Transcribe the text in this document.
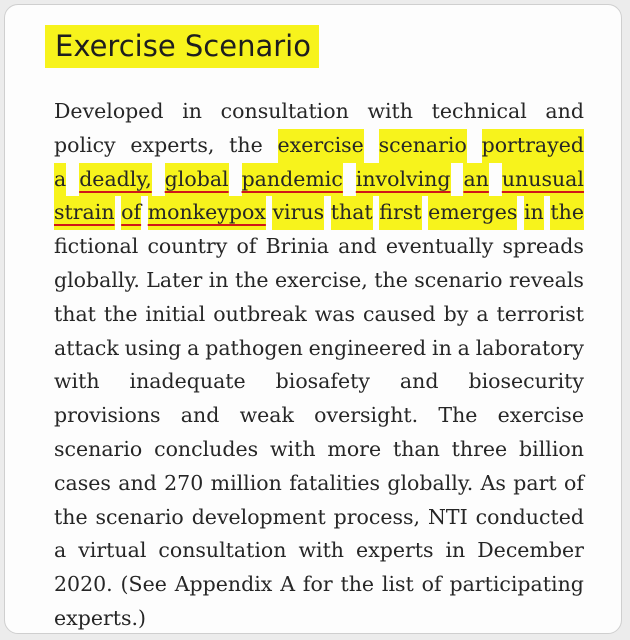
Exercise Scenario
Developed in consultation with technical and
policy experts, the exercise scenario portrayed
a deadly, global pandemic involving an unusual
strain of monkeypox virus that first emerges in the
fictional country of Brinia and eventually spreads
globally. Later in the exercise, the scenario reveals
that the initial outbreak was caused by a terrorist
attack using a pathogen engineered in a laboratory
with inadequate biosafety and biosecurity
provisions and weak oversight. The exercise
scenario concludes with more than three billion
cases and 270 million fatalities globally. As part of
the scenario development process, NTI conducted
a virtual consultation with experts in December
2020. (See Appendix A for the list of participating
experts.)
